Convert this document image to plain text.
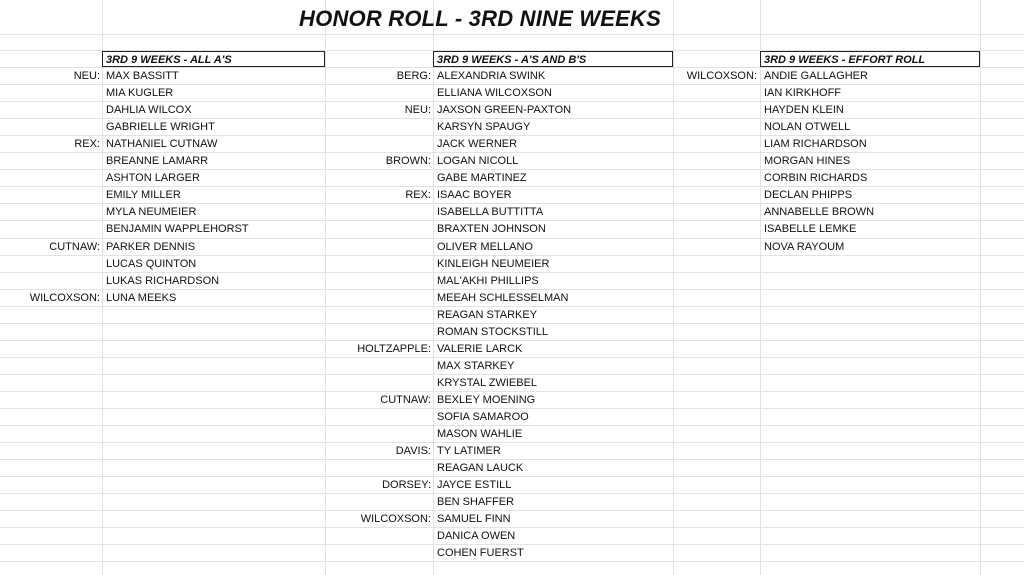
HONOR ROLL - 3RD NINE WEEKS
3RD 9 WEEKS - ALL A'S	3RD 9 WEEKS - A'S AND B'S	3RD 9 WEEKS - EFFORT ROLL
NEU: MAX BASSITT
MIA KUGLER
DAHLIA WILCOX
GABRIELLE WRIGHT
REX: NATHANIEL CUTNAW
BREANNE LAMARR
ASHTON LARGER
EMILY MILLER
MYLA NEUMEIER
BENJAMIN WAPPLEHORST
CUTNAW: PARKER DENNIS
LUCAS QUINTON
LUKAS RICHARDSON
WILCOXSON: LUNA MEEKS
BERG: ALEXANDRIA SWINK
ELLIANA WILCOXSON
NEU: JAXSON GREEN-PAXTON
KARSYN SPAUGY
JACK WERNER
BROWN: LOGAN NICOLL
GABE MARTINEZ
REX: ISAAC BOYER
ISABELLA BUTTITTA
BRAXTEN JOHNSON
OLIVER MELLANO
KINLEIGH NEUMEIER
MAL'AKHI PHILLIPS
MEEAH SCHLESSELMAN
REAGAN STARKEY
ROMAN STOCKSTILL
HOLTZAPPLE: VALERIE LARCK
MAX STARKEY
KRYSTAL ZWIEBEL
CUTNAW: BEXLEY MOENING
SOFIA SAMAROO
MASON WAHLIE
DAVIS: TY LATIMER
REAGAN LAUCK
DORSEY: JAYCE ESTILL
BEN SHAFFER
WILCOXSON: SAMUEL FINN
DANICA OWEN
COHEN FUERST
WILCOXSON: ANDIE GALLAGHER
IAN KIRKHOFF
HAYDEN KLEIN
NOLAN OTWELL
LIAM RICHARDSON
MORGAN HINES
CORBIN RICHARDS
DECLAN PHIPPS
ANNABELLE BROWN
ISABELLE LEMKE
NOVA RAYOUM
